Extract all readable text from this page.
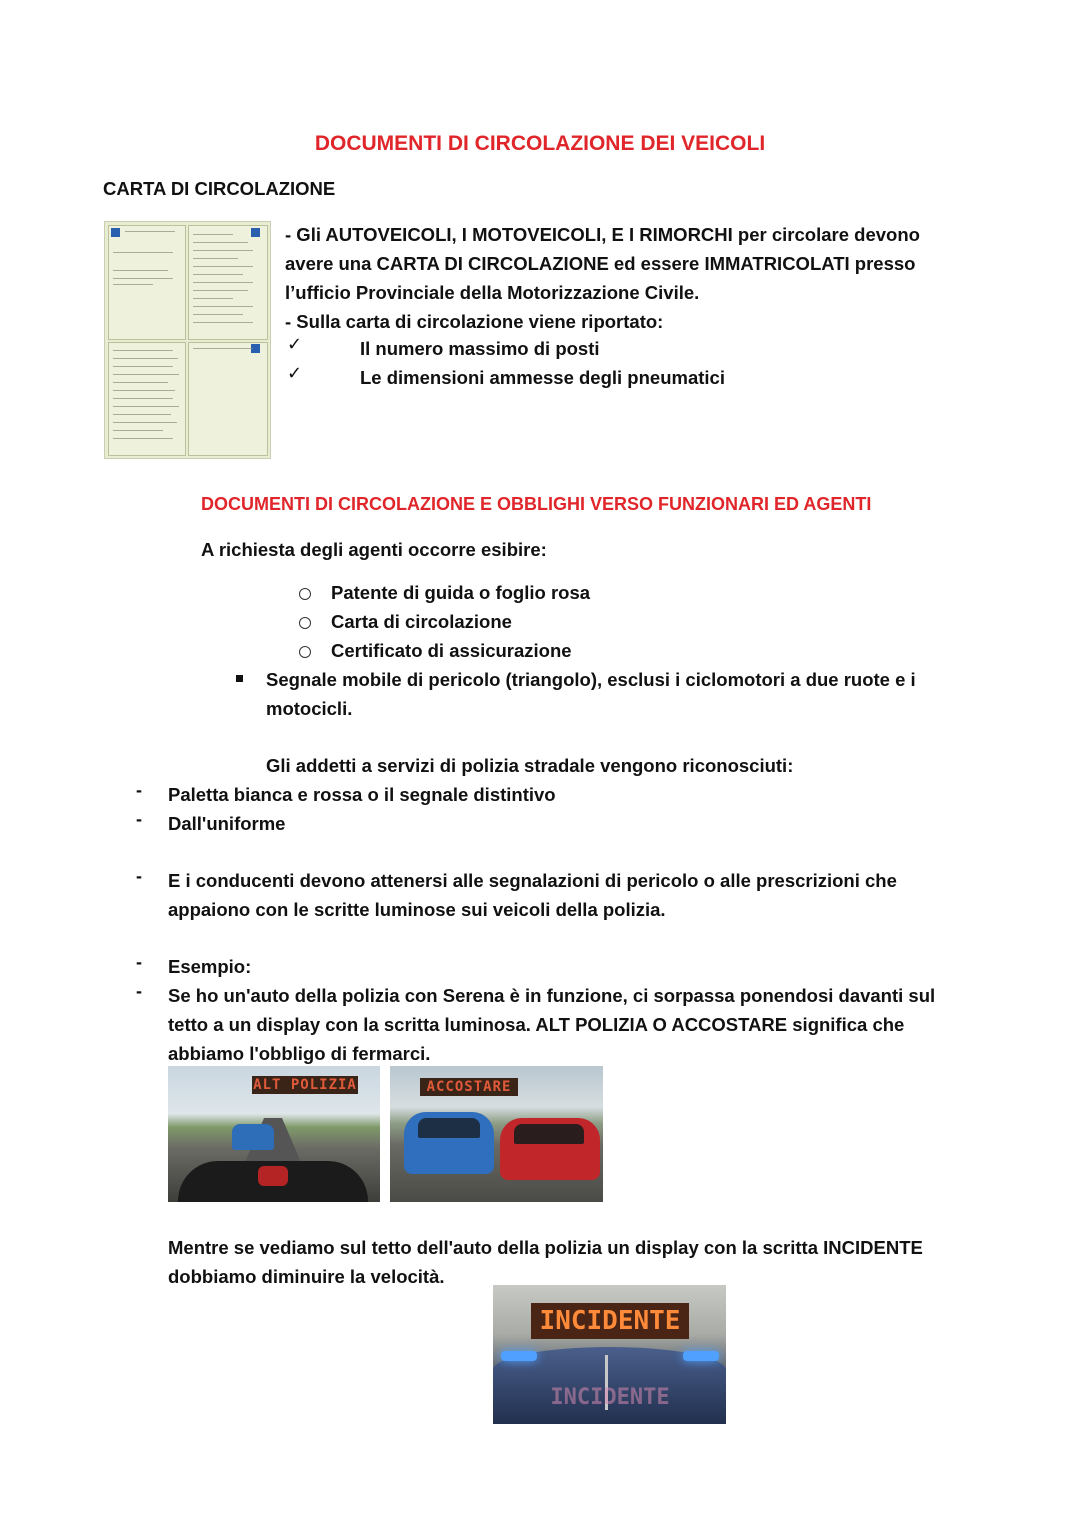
DOCUMENTI DI CIRCOLAZIONE DEI VEICOLI
CARTA DI CIRCOLAZIONE
- Gli AUTOVEICOLI, I MOTOVEICOLI, E I RIMORCHI per circolare devono
avere una CARTA DI CIRCOLAZIONE ed essere IMMATRICOLATI presso
l’ufficio Provinciale della Motorizzazione Civile.
- Sulla carta di circolazione viene riportato:
✓	Il numero massimo di posti
✓	Le dimensioni ammesse degli pneumatici
DOCUMENTI DI CIRCOLAZIONE E OBBLIGHI VERSO FUNZIONARI ED AGENTI
A richiesta degli agenti occorre esibire:
Patente di guida o foglio rosa
Carta di circolazione
Certificato di assicurazione
Segnale mobile di pericolo (triangolo), esclusi i ciclomotori a due ruote e i
motocicli.
Gli addetti a servizi di polizia stradale vengono riconosciuti:
- Paletta bianca e rossa o il segnale distintivo
- Dall'uniforme
- E i conducenti devono attenersi alle segnalazioni di pericolo o alle prescrizioni che
appaiono con le scritte luminose sui veicoli della polizia.
- Esempio:
- Se ho un'auto della polizia con Serena è in funzione, ci sorpassa ponendosi davanti sul
tetto a un display con la scritta luminosa. ALT POLIZIA O ACCOSTARE significa che
abbiamo l'obbligo di fermarci.
ALT POLIZIA	ACCOSTARE
Mentre se vediamo sul tetto dell'auto della polizia un display con la scritta INCIDENTE
dobbiamo diminuire la velocità.
INCIDENTE
INCIDENTE
